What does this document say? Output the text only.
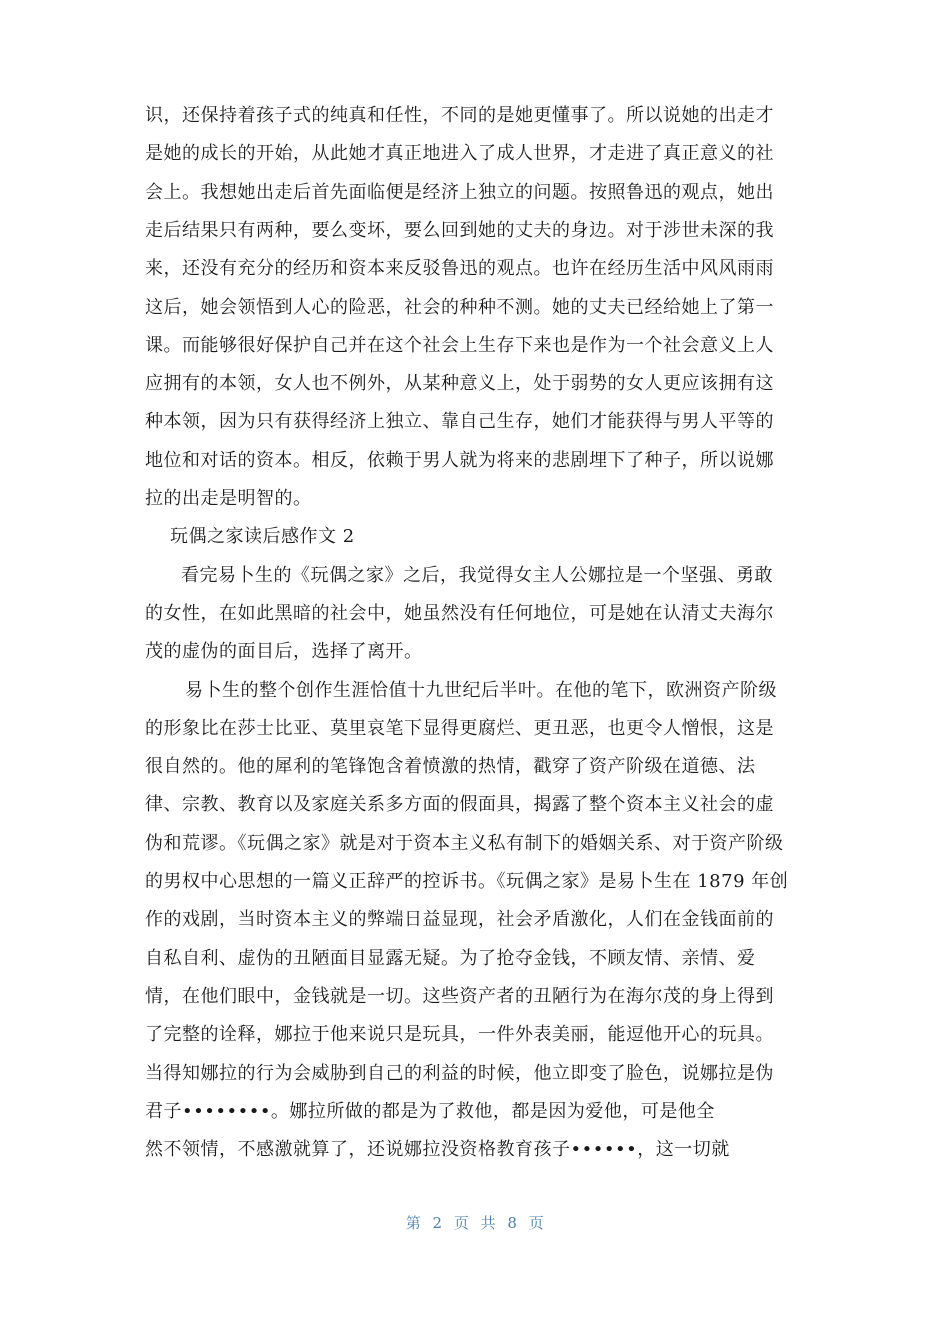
识，还保持着孩子式的纯真和任性，不同的是她更懂事了。所以说她的出走才
是她的成长的开始，从此她才真正地进入了成人世界，才走进了真正意义的社
会上。我想她出走后首先面临便是经济上独立的问题。按照鲁迅的观点，她出
走后结果只有两种，要么变坏，要么回到她的丈夫的身边。对于涉世未深的我
来，还没有充分的经历和资本来反驳鲁迅的观点。也许在经历生活中风风雨雨
这后，她会领悟到人心的险恶，社会的种种不测。她的丈夫已经给她上了第一
课。而能够很好保护自己并在这个社会上生存下来也是作为一个社会意义上人
应拥有的本领，女人也不例外，从某种意义上，处于弱势的女人更应该拥有这
种本领，因为只有获得经济上独立、靠自己生存，她们才能获得与男人平等的
地位和对话的资本。相反，依赖于男人就为将来的悲剧埋下了种子，所以说娜
拉的出走是明智的。
玩偶之家读后感作文 2
看完易卜生的《玩偶之家》之后，我觉得女主人公娜拉是一个坚强、勇敢
的女性，在如此黑暗的社会中，她虽然没有任何地位，可是她在认清丈夫海尔
茂的虚伪的面目后，选择了离开。
易卜生的整个创作生涯恰值十九世纪后半叶。在他的笔下，欧洲资产阶级
的形象比在莎士比亚、莫里哀笔下显得更腐烂、更丑恶，也更令人憎恨，这是
很自然的。他的犀利的笔锋饱含着愤激的热情，戳穿了资产阶级在道德、法
律、宗教、教育以及家庭关系多方面的假面具，揭露了整个资本主义社会的虚
伪和荒谬。《玩偶之家》就是对于资本主义私有制下的婚姻关系、对于资产阶级
的男权中心思想的一篇义正辞严的控诉书。《玩偶之家》是易卜生在 1879 年创
作的戏剧，当时资本主义的弊端日益显现，社会矛盾激化，人们在金钱面前的
自私自利、虚伪的丑陋面目显露无疑。为了抢夺金钱，不顾友情、亲情、爱
情，在他们眼中，金钱就是一切。这些资产者的丑陋行为在海尔茂的身上得到
了完整的诠释，娜拉于他来说只是玩具，一件外表美丽，能逗他开心的玩具。
当得知娜拉的行为会威胁到自己的利益的时候，他立即变了脸色，说娜拉是伪
君子••••••••。娜拉所做的都是为了救他，都是因为爱他，可是他全
然不领情，不感激就算了，还说娜拉没资格教育孩子••••••，这一切就
第 2 页 共 8 页
